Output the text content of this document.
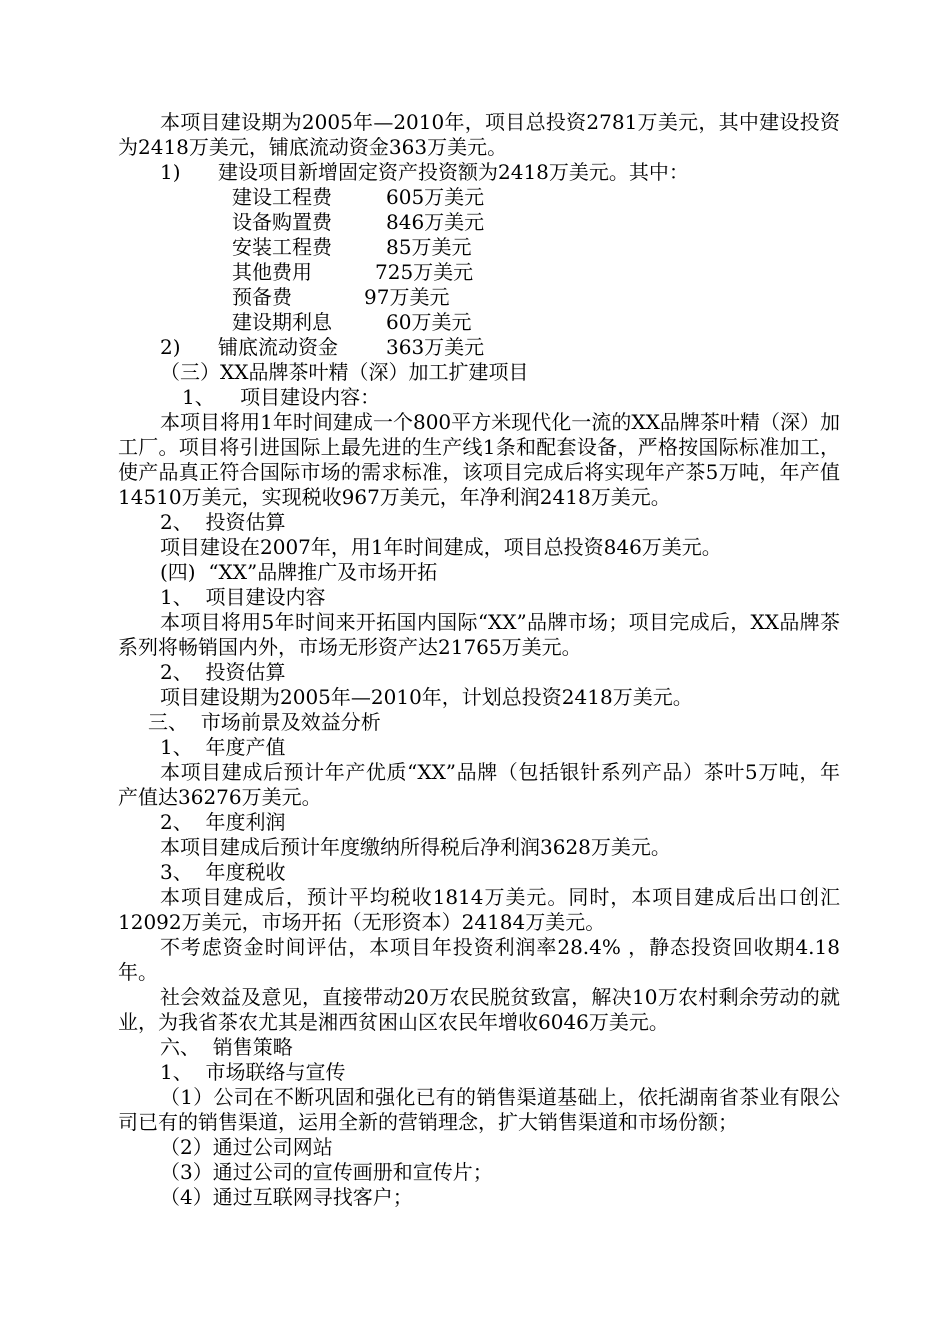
本项目建设期为2005年—2010年，项目总投资2781万美元，其中建设投资为2418万美元，铺底流动资金363万美元。

1)	建设项目新增固定资产投资额为2418万美元。其中：
建设工程费	605万美元
设备购置费	846万美元
安装工程费	85万美元
其他费用	725万美元
预备费	97万美元
建设期利息	60万美元
2)	铺底流动资金	363万美元

（三）XX品牌茶叶精（深）加工扩建项目

1、    项目建设内容：

本项目将用1年时间建成一个800平方米现代化一流的XX品牌茶叶精（深）加工厂。项目将引进国际上最先进的生产线1条和配套设备，严格按国际标准加工，使产品真正符合国际市场的需求标准，该项目完成后将实现年产茶5万吨，年产值14510万美元，实现税收967万美元，年净利润2418万美元。

2、  投资估算

项目建设在2007年，用1年时间建成，项目总投资846万美元。

(四)  “XX”品牌推广及市场开拓

1、  项目建设内容

本项目将用5年时间来开拓国内国际“XX”品牌市场；项目完成后，XX品牌茶系列将畅销国内外，市场无形资产达21765万美元。

2、  投资估算

项目建设期为2005年—2010年，计划总投资2418万美元。

三、  市场前景及效益分析

1、  年度产值

本项目建成后预计年产优质“XX”品牌（包括银针系列产品）茶叶5万吨，年产值达36276万美元。

2、  年度利润

本项目建成后预计年度缴纳所得税后净利润3628万美元。

3、  年度税收

本项目建成后，预计平均税收1814万美元。同时，本项目建成后出口创汇12092万美元，市场开拓（无形资本）24184万美元。

不考虑资金时间评估，本项目年投资利润率28.4% ，静态投资回收期4.18年。

社会效益及意见，直接带动20万农民脱贫致富，解决10万农村剩余劳动的就业，为我省茶农尤其是湘西贫困山区农民年增收6046万美元。

六、  销售策略

1、  市场联络与宣传

（1）公司在不断巩固和强化已有的销售渠道基础上，依托湖南省茶业有限公司已有的销售渠道，运用全新的营销理念，扩大销售渠道和市场份额；

（2）通过公司网站

（3）通过公司的宣传画册和宣传片；

（4）通过互联网寻找客户；
